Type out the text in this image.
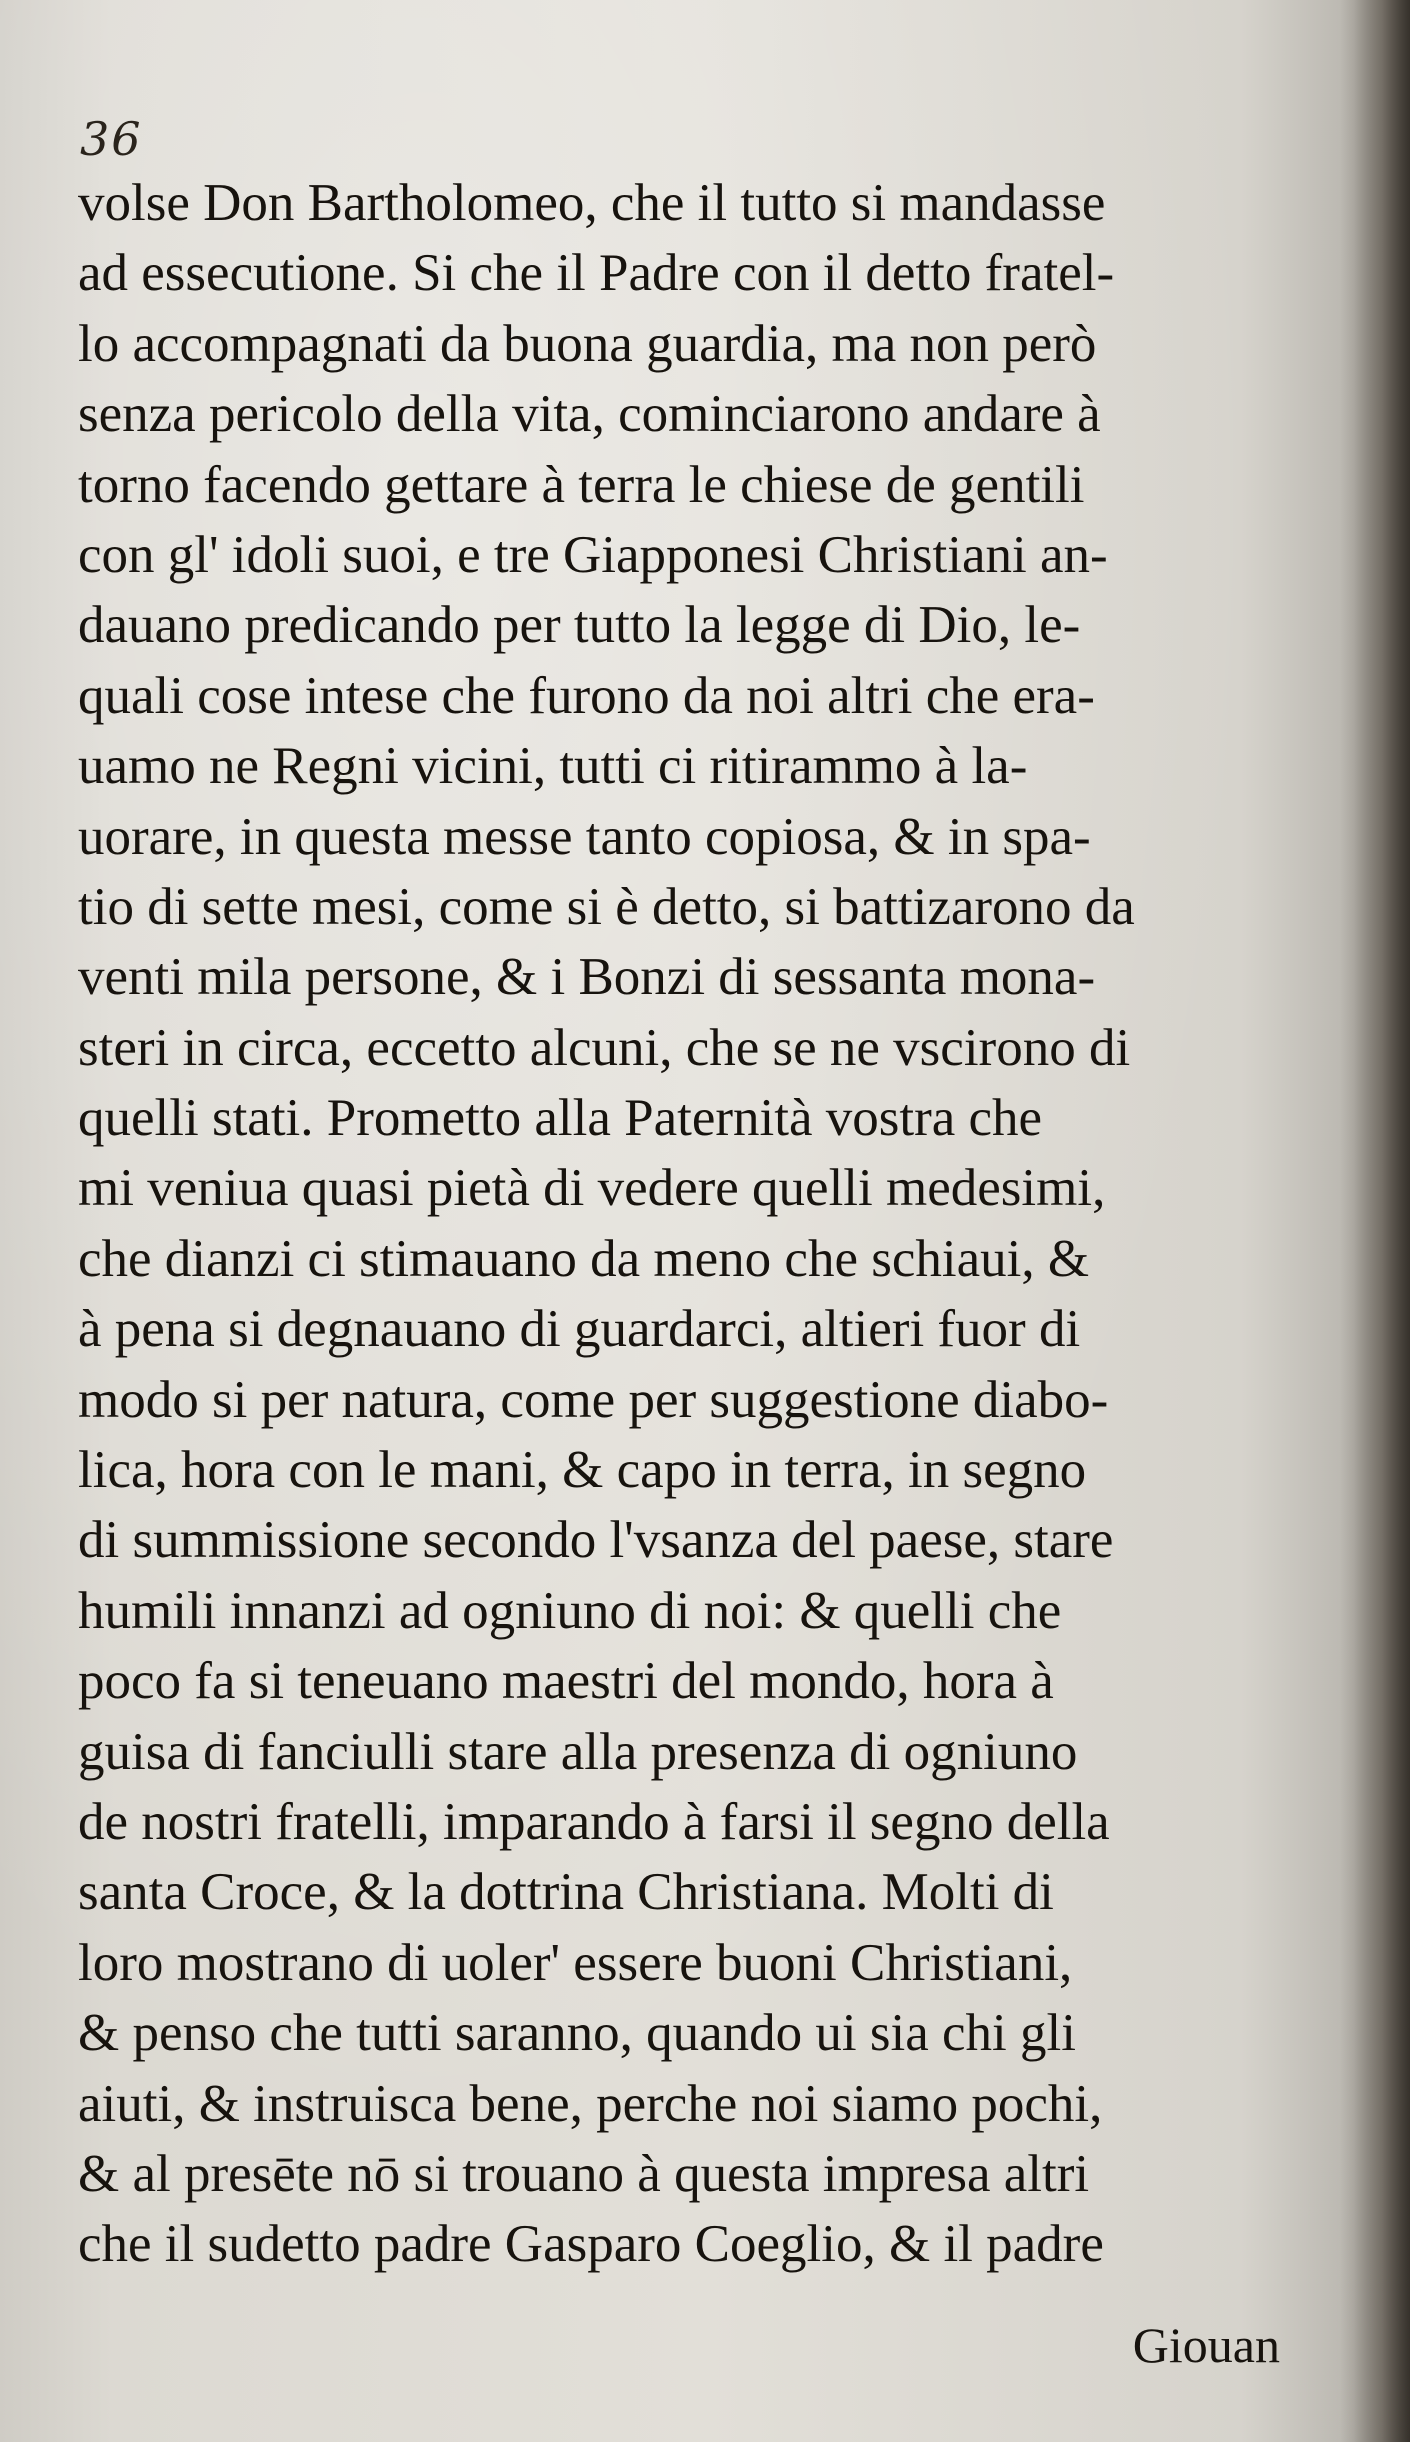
36
volse Don Bartholomeo, che il tutto si mandasse
ad essecutione. Si che il Padre con il detto fratel-
lo accompagnati da buona guardia, ma non però
senza pericolo della vita, cominciarono andare à
torno facendo gettare à terra le chiese de gentili
con gl' idoli suoi, e tre Giapponesi Christiani an-
dauano predicando per tutto la legge di Dio, le-
quali cose intese che furono da noi altri che era-
uamo ne Regni vicini, tutti ci ritirammo à la-
uorare, in questa messe tanto copiosa, & in spa-
tio di sette mesi, come si è detto, si battizarono da
venti mila persone, & i Bonzi di sessanta mona-
steri in circa, eccetto alcuni, che se ne vscirono di
quelli stati. Prometto alla Paternità vostra che
mi veniua quasi pietà di vedere quelli medesimi,
che dianzi ci stimauano da meno che schiaui, &
à pena si degnauano di guardarci, altieri fuor di
modo si per natura, come per suggestione diabo-
lica, hora con le mani, & capo in terra, in segno
di summissione secondo l'vsanza del paese, stare
humili innanzi ad ogniuno di noi: & quelli che
poco fa si teneuano maestri del mondo, hora à
guisa di fanciulli stare alla presenza di ogniuno
de nostri fratelli, imparando à farsi il segno della
santa Croce, & la dottrina Christiana. Molti di
loro mostrano di uoler' essere buoni Christiani,
& penso che tutti saranno, quando ui sia chi gli
aiuti, & instruisca bene, perche noi siamo pochi,
& al presēte nō si trouano à questa impresa altri
che il sudetto padre Gasparo Coeglio, & il padre
Giouan
